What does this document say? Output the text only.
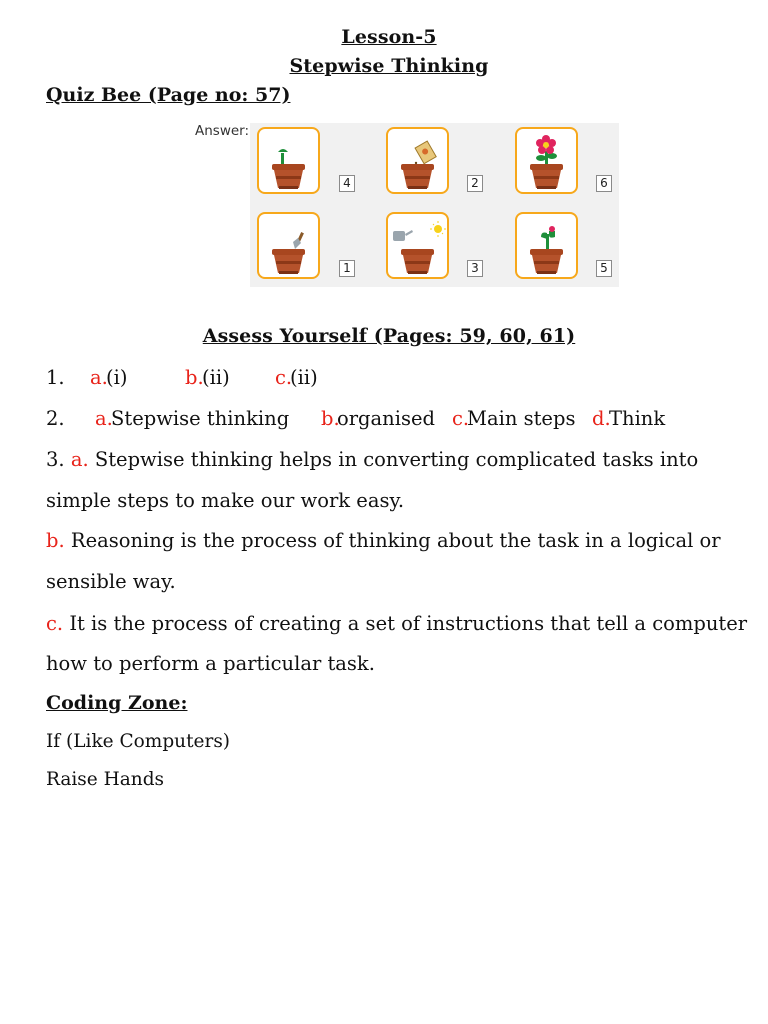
Lesson-5
Stepwise Thinking
Quiz Bee (Page no: 57)
Answer:
4	2	6
1	3	5
Assess Yourself (Pages: 59, 60, 61)
1. a.
(i)	b.
(ii) c.
(ii)
2. a.
Stepwise thinking b.
organised c.
Main steps d.
Think
3. a. Stepwise thinking helps in converting complicated tasks into
simple steps to make our work easy.
b. Reasoning is the process of thinking about the task in a logical or
sensible way.
c. It is the process of creating a set of instructions that tell a computer
how to perform a particular task.
Coding Zone:
If (Like Computers)
Raise Hands
